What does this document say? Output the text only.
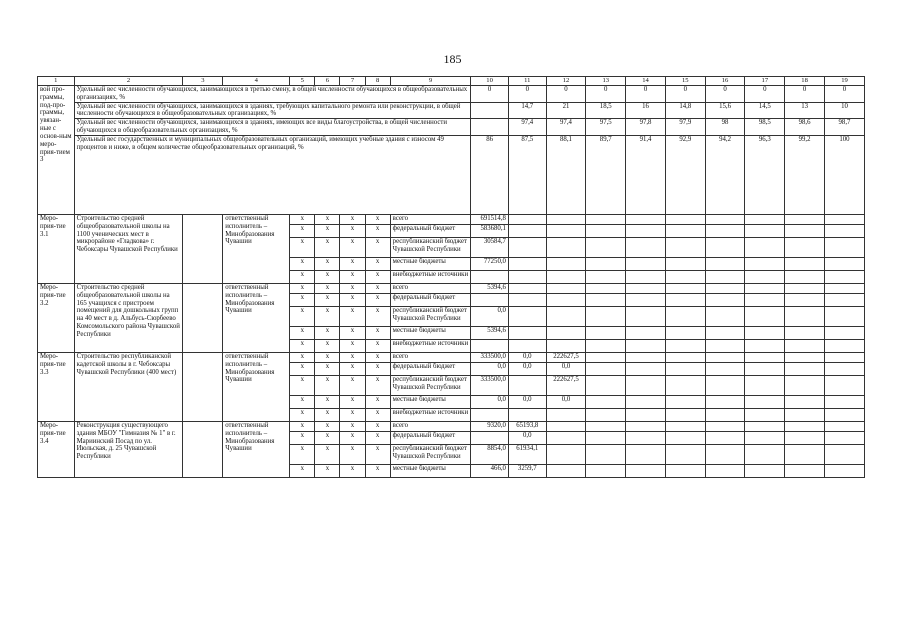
185
1	2	3	4	5	6	7	8	9	10	11	12	13	14	15	16	17	18	19
вой про-граммы, под-про-граммы, увязан-ные с основ-ным меро-прия-тием 3	Удельный вес численности обучающихся, занимающихся в третью смену, в общей численности обучающихся в общеобразовательных организациях, %								0	0	0	0	0	0	0	0	0	0
	Удельный вес численности обучающихся, занимающихся в зданиях, требующих капитального ремонта или реконструкции, в общей численности обучающихся в общеобразовательных организациях, %									14,7	21	18,5	16	14,8	15,6	14,5	13	10
	Удельный вес численности обучающихся, занимающихся в зданиях, имеющих все виды благоустройства, в общей численности обучающихся в общеобразовательных организациях, %									97,4	97,4	97,5	97,8	97,9	98	98,5	98,6	98,7
	Удельный вес государственных и муниципальных общеобразовательных организаций, имеющих учебные здания с износом 49 процентов и ниже, в общем количестве общеобразовательных организаций, %								86	87,5	88,1	89,7	91,4	92,9	94,2	96,3	99,2	100
Меро-прия-тие 3.1	Строительство средней общеобразовательной школы на 1100 ученических мест в микрорайоне «Гладкова» г. Чебоксары Чувашской Республики		ответственный исполнитель – Минобразования Чувашии	x	x	x	x	всего	691514,8									
				x	x	x	x	федеральный бюджет	583680,1									
				x	x	x	x	республиканский бюджет Чувашской Республики	30584,7									
				x	x	x	x	местные бюджеты	77250,0									
				x	x	x	x	внебюджетные источники										
Меро-прия-тие 3.2	Строительство средней общеобразовательной школы на 165 учащихся с пристроем помещений для дошкольных групп на 40 мест в д. Альбусь-Сюрбеево Комсомольского района Чувашской Республики		ответственный исполнитель – Минобразования Чувашии	x	x	x	x	всего	5394,6									
				x	x	x	x	федеральный бюджет										
				x	x	x	x	республиканский бюджет Чувашской Республики	0,0									
				x	x	x	x	местные бюджеты	5394,6									
				x	x	x	x	внебюджетные источники										
Меро-прия-тие 3.3	Строительство республиканской кадетской школы в г. Чебоксары Чувашской Республики (400 мест)		ответственный исполнитель – Минобразования Чувашии	x	x	x	x	всего	333500,0	0,0	222627,5							
				x	x	x	x	федеральный бюджет	0,0	0,0	0,0							
				x	x	x	x	республиканский бюджет Чувашской Республики	333500,0		222627,5							
				x	x	x	x	местные бюджеты	0,0	0,0	0,0							
				x	x	x	x	внебюджетные источники										
Меро-прия-тие 3.4	Реконструкция существующего здания МБОУ "Гимназия № 1" в г. Мариинский Посад по ул. Июльская, д. 25 Чувашской Республики		ответственный исполнитель – Минобразования Чувашии	x	x	x	x	всего	9320,0	65193,8								
				x	x	x	x	федеральный бюджет		0,0								
				x	x	x	x	республиканский бюджет Чувашской Республики	8854,0	61934,1								
				x	x	x	x	местные бюджеты	466,0	3259,7								
